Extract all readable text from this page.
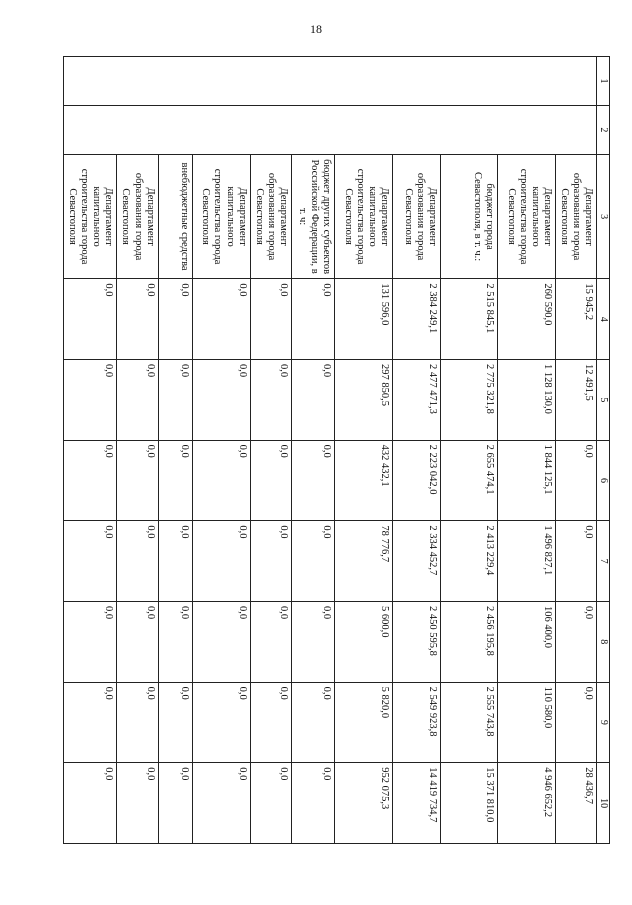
18
1	2	3	4	5	6	7	8	9	10
		Департамент образования города Севастополя	15 945,2	12 491,5	0,0	0,0	0,0	0,0	28 436,7
		Департамент капитального строительства города Севастополя	260 590,0	1 128 130,0	1 844 125,1	1 496 827,1	106 400,0	110 580,0	4 946 652,2
		бюджет города Севастополя, в т. ч.:	2 515 845,1	2 775 321,8	2 655 474,1	2 413 229,4	2 456 195,8	2 555 743,8	15 371 810,0
		Департамент образования города Севастополя	2 384 249,1	2 477 471,3	2 223 042,0	2 334 452,7	2 450 595,8	2 549 923,8	14 419 734,7
		Департамент капитального строительства города Севастополя	131 596,0	297 850,5	432 432,1	78 776,7	5 600,0	5 820,0	952 075,3
		бюджет других субъектов Российской Федерации, в т. ч:	0,0	0,0	0,0	0,0	0,0	0,0	0,0
		Департамент образования города Севастополя	0,0	0,0	0,0	0,0	0,0	0,0	0,0
		Департамент капитального строительства города Севастополя	0,0	0,0	0,0	0,0	0,0	0,0	0,0
		внебюджетные средства	0,0	0,0	0,0	0,0	0,0	0,0	0,0
		Департамент образования города Севастополя	0,0	0,0	0,0	0,0	0,0	0,0	0,0
		Департамент капитального строительства города Севастополя	0,0	0,0	0,0	0,0	0,0	0,0	0,0
